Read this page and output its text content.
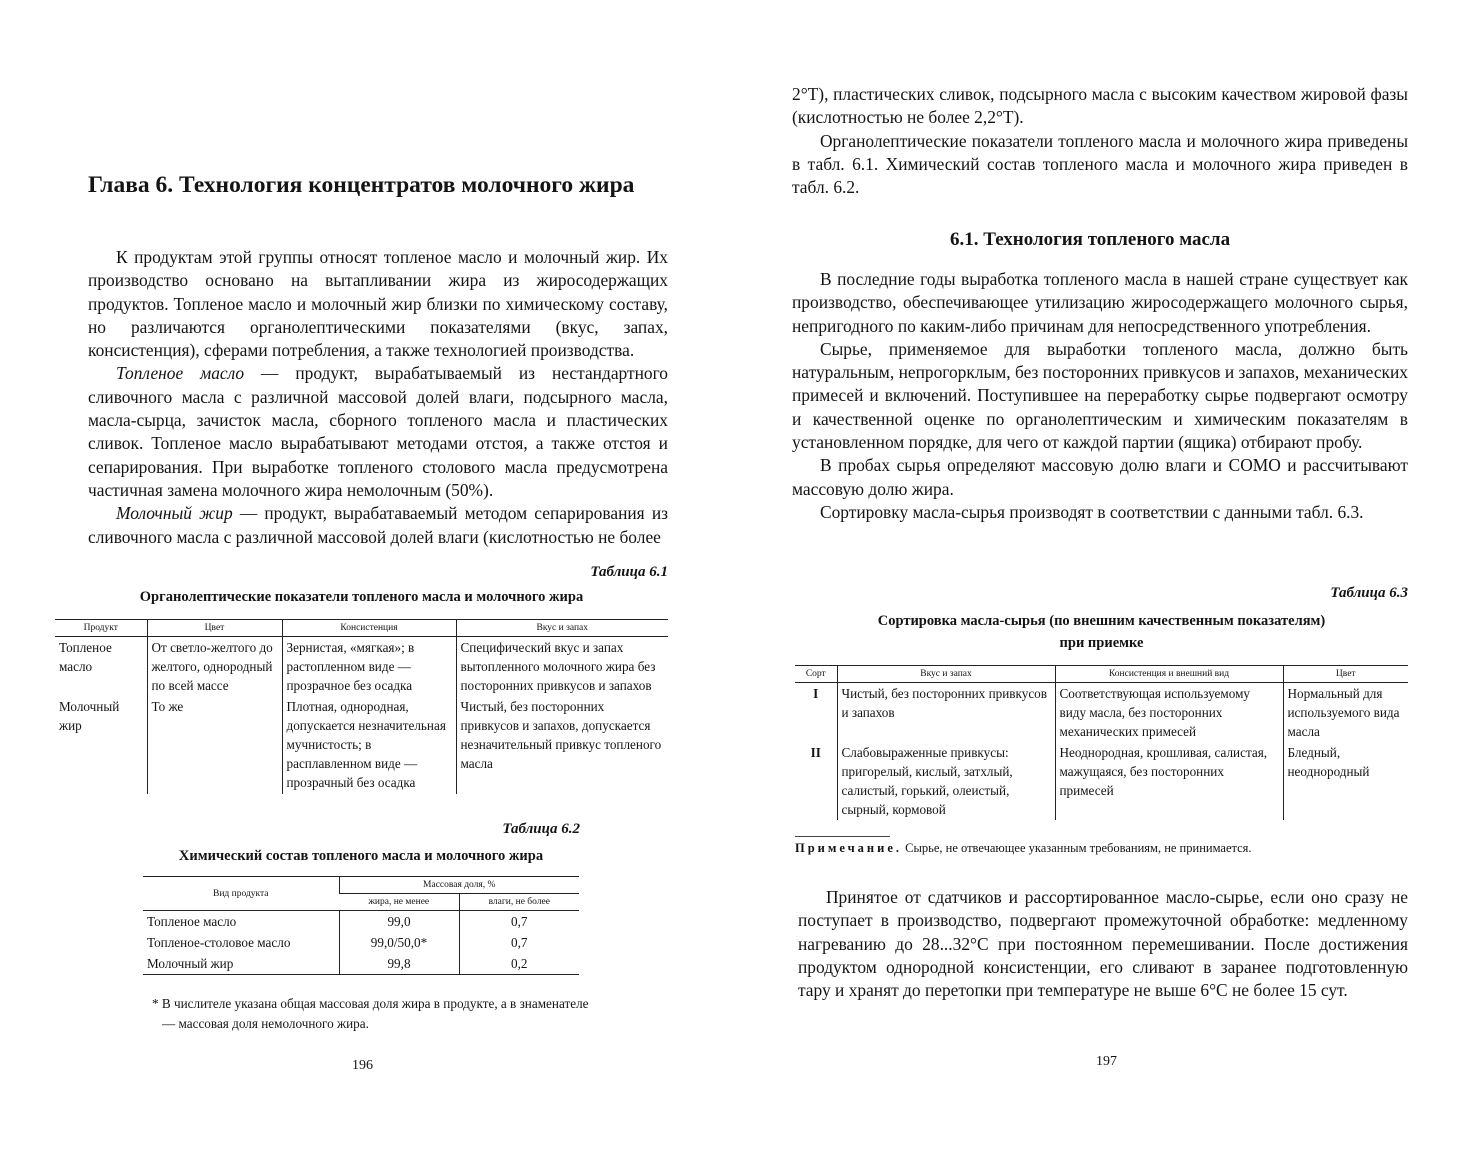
Глава 6. Технология концентратов молочного жира

К продуктам этой группы относят топленое масло и молочный жир. Их производство основано на вытапливании жира из жиросодержащих продуктов. Топленое масло и молочный жир близки по химическому составу, но различаются органолептическими показателями (вкус, запах, консистенция), сферами потребления, а также технологией производства.

Топленое масло — продукт, вырабатываемый из нестандартного сливочного масла с различной массовой долей влаги, подсырного масла, масла-сырца, зачисток масла, сборного топленого масла и пластических сливок. Топленое масло вырабатывают методами отстоя, а также отстоя и сепарирования. При выработке топленого столового масла предусмотрена частичная замена молочного жира немолочным (50%).

Молочный жир — продукт, вырабатаваемый методом сепарирования из сливочного масла с различной массовой долей влаги (кислотностью не более

Таблица 6.1
Органолептические показатели топленого масла и молочного жира
Продукт	Цвет	Консистенция	Вкус и запах
Топленое масло	От светло-желтого до желтого, однородный по всей массе	Зернистая, «мягкая»; в растопленном виде — прозрачное без осадка	Специфический вкус и запах вытопленного молочного жира без посторонних привкусов и запахов
Молочный жир	То же	Плотная, однородная, допускается незначительная мучнистость; в расплавленном виде — прозрачный без осадка	Чистый, без посторонних привкусов и запахов, допускается незначительный привкус топленого масла
Таблица 6.2
Химический состав топленого масла и молочного жира
Вид продукта	Массовая доля, %	
	жира, не менее	влаги, не более
Топленое масло	99,0	0,7
Топленое-столовое масло	99,0/50,0*	0,7
Молочный жир	99,8	0,2
* В числителе указана общая массовая доля жира в продукте, а в знаменателе — массовая доля немолочного жира.
196

2°Т), пластических сливок, подсырного масла с высоким качеством жировой фазы (кислотностью не более 2,2°Т).

Органолептические показатели топленого масла и молочного жира приведены в табл. 6.1. Химический состав топленого масла и молочного жира приведен в табл. 6.2.

6.1. Технология топленого масла

В последние годы выработка топленого масла в нашей стране существует как производство, обеспечивающее утилизацию жиросодержащего молочного сырья, непригодного по каким-либо причинам для непосредственного употребления.

Сырье, применяемое для выработки топленого масла, должно быть натуральным, непрогорклым, без посторонних привкусов и запахов, механических примесей и включений. Поступившее на переработку сырье подвергают осмотру и качественной оценке по органолептическим и химическим показателям в установленном порядке, для чего от каждой партии (ящика) отбирают пробу.

В пробах сырья определяют массовую долю влаги и СОМО и рассчитывают массовую долю жира.

Сортировку масла-сырья производят в соответствии с данными табл. 6.3.

Таблица 6.3
Сортировка масла-сырья (по внешним качественным показателям)
при приемке
Сорт	Вкус и запах	Консистенция и внешний вид	Цвет
I	Чистый, без посторонних привкусов и запахов	Соответствующая используемому виду масла, без посторонних механических примесей	Нормальный для используемого вида масла
II	Слабовыраженные привкусы: пригорелый, кислый, затхлый, салистый, горький, олеистый, сырный, кормовой	Неоднородная, крошливая, салистая, мажущаяся, без посторонних примесей	Бледный, неоднородный
Примечание. Сырье, не отвечающее указанным требованиям, не принимается.

Принятое от сдатчиков и рассортированное масло-сырье, если оно сразу не поступает в производство, подвергают промежуточной обработке: медленному нагреванию до 28...32°С при постоянном перемешивании. После достижения продуктом однородной консистенции, его сливают в заранее подготовленную тару и хранят до перетопки при температуре не выше 6°С не более 15 сут.

197
